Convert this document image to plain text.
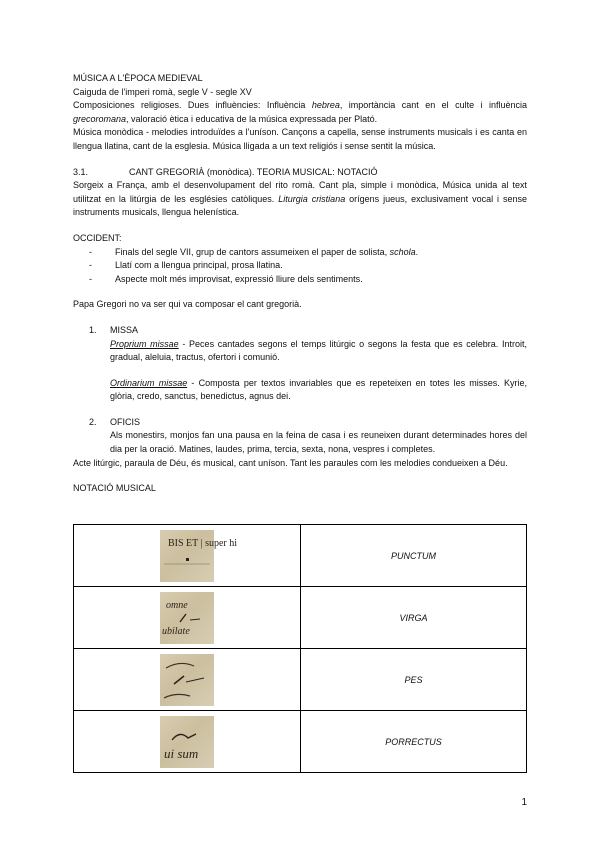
MÚSICA A L'ÈPOCA MEDIEVAL

Caiguda de l'imperi romà, segle V - segle XV

Composiciones religioses. Dues influències: Influència hebrea, importància cant en el culte i influència grecoromana, valoració ètica i educativa de la música expressada per Plató.

Música monòdica - melodies introduïdes a l'uníson. Cançons a capella, sense instruments musicals i es canta en llengua llatina, cant de la esglesia. Música lligada a un text religiós i sense sentit la música.

3.1.	CANT GREGORIÀ (monòdica). TEORIA MUSICAL: NOTACIÓ

Sorgeix a França, amb el desenvolupament del rito romà. Cant pla, simple i monòdica, Música unida al text utilitzat en la litúrgia de les esglésies catòliques. Liturgia cristiana orígens jueus, exclusivament vocal i sense instruments musicals, llengua helenística.

OCCIDENT:

-	Finals del segle VII, grup de cantors assumeixen el paper de solista, schola.
-	Llatí com a llengua principal, prosa llatina.
-	Aspecte molt més improvisat, expressió lliure dels sentiments.

Papa Gregori no va ser qui va composar el cant gregorià.

1.	MISSA

Proprium missae - Peces cantades segons el temps litúrgic o segons la festa que es celebra. Introit, gradual, aleluia, tractus, ofertori i comunió.

Ordinarium missae - Composta per textos invariables que es repeteixen en totes les misses. Kyrie, glòria, credo, sanctus, benedictus, agnus dei.

2.	OFICIS

Als monestirs, monjos fan una pausa en la feina de casa i es reuneixen durant determinades hores del dia per la oració. Matines, laudes, prima, tercia, sexta, nona, vespres i completes.

Acte litúrgic, paraula de Déu, és musical, cant uníson. Tant les paraules com les melodies condueixen a Déu.

NOTACIÓ MUSICAL

BIS ET | super hi	PUNCTUM

omne
ubilate	VIRGA

	PES

ui sum	PORRECTUS
1
